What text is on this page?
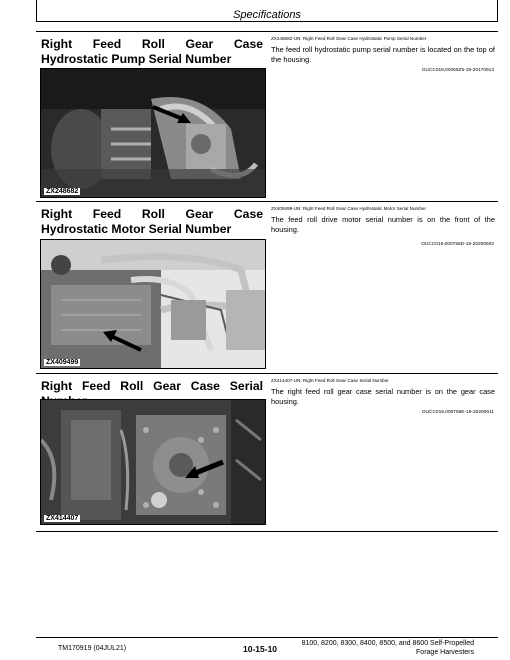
Specifications
Right Feed Roll Gear Case Hydrostatic Pump Serial Number
ZX248682
ZX248682-UN: Right Feed Roll Gear Case Hydrostatic Pump Serial Number
The feed roll hydrostatic pump serial number is located on the top of the housing.
OUCC019,00068Z5-19-20170913
Right Feed Roll Gear Case Hydrostatic Motor Serial Number
ZX409499
ZX409499-UN: Right Feed Roll Gear Case Hydrostatic Motor Serial Number
The feed roll drive motor serial number is on the front of the housing.
OUCC019,000756D-19-20200602
Right Feed Roll Gear Case Serial
ZX414407
ZX414407-UN: Right Feed Roll Gear Case Serial Number
The right feed roll gear case serial number is on the gear case housing.
OUCC019,000756E-19-20200611
TM170919 (04JUL21)	10-15-10
8100, 8200, 8300, 8400, 8500, and 8600 Self-Propelled
Forage Harvesters
